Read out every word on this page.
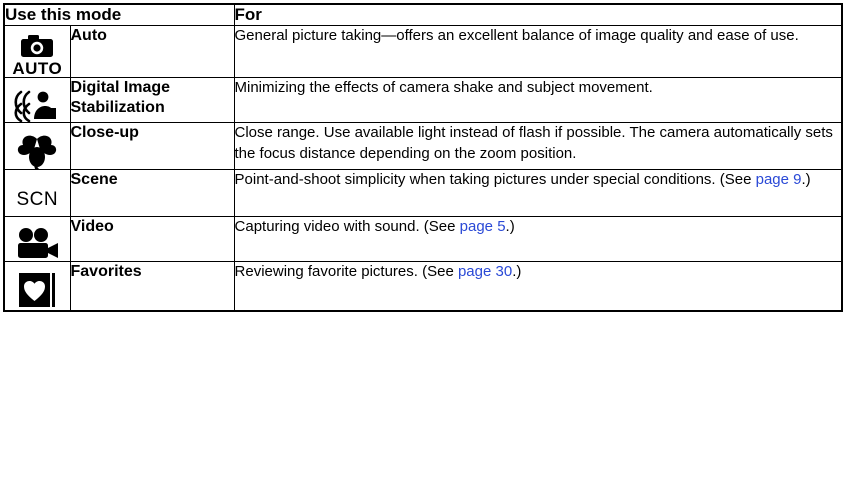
Use this mode		For

AUTO	Auto	General picture taking—offers an excellent balance of image quality and ease of use.

	Digital Image Stabilization	Minimizing the effects of camera shake and subject movement.

	Close-up	Close range. Use available light instead of flash if possible. The camera automatically sets the focus distance depending on the zoom position.

SCN	Scene	Point-and-shoot simplicity when taking pictures under special conditions. (See page 9.)

	Video	Capturing video with sound. (See page 5.)

	Favorites	Reviewing favorite pictures. (See page 30.)
